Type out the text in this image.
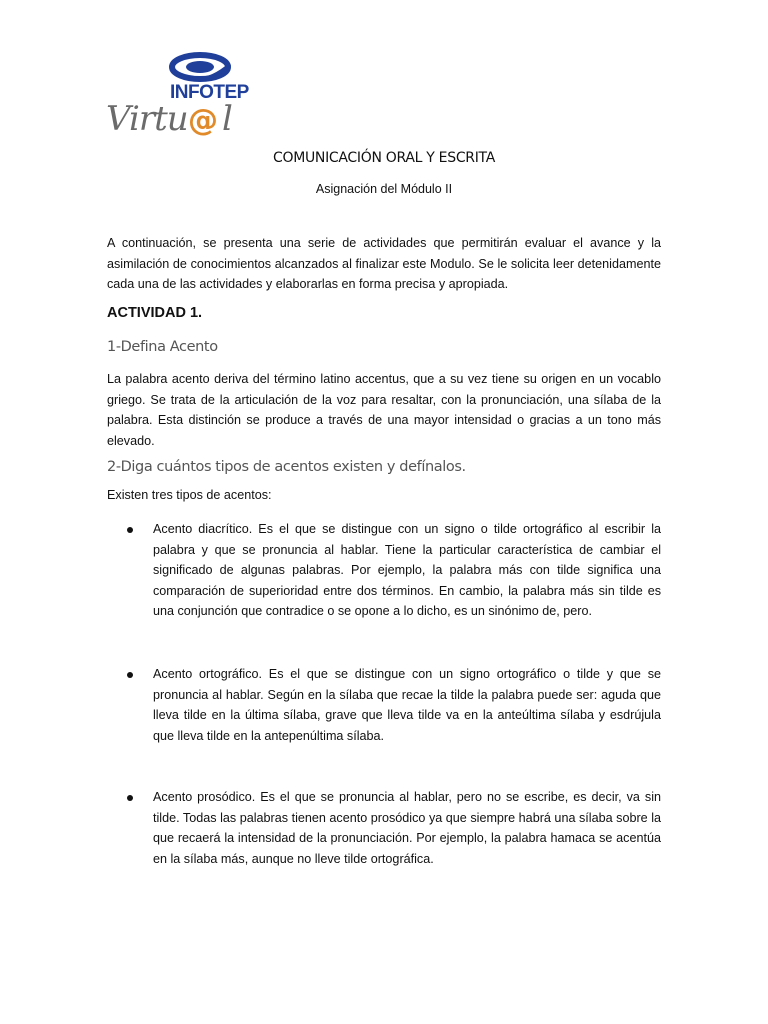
INFOTEP
Virtu @ l
COMUNICACIÓN ORAL Y ESCRITA
Asignación del Módulo II
A continuación, se presenta una serie de actividades que permitirán evaluar el avance y la asimilación de conocimientos alcanzados al finalizar este Modulo. Se le solicita leer detenidamente cada una de las actividades y elaborarlas en forma precisa y apropiada.
ACTIVIDAD 1.
1-Defina Acento
La palabra acento deriva del término latino accentus, que a su vez tiene su origen en un vocablo griego. Se trata de la articulación de la voz para resaltar, con la pronunciación, una sílaba de la palabra. Esta distinción se produce a través de una mayor intensidad o gracias a un tono más elevado.
2-Diga cuántos tipos de acentos existen y defínalos.
Existen tres tipos de acentos:
Acento diacrítico. Es el que se distingue con un signo o tilde ortográfico al escribir la palabra y que se pronuncia al hablar. Tiene la particular característica de cambiar el significado de algunas palabras. Por ejemplo, la palabra más con tilde significa una comparación de superioridad entre dos términos. En cambio, la palabra más sin tilde es una conjunción que contradice o se opone a lo dicho, es un sinónimo de, pero.
Acento ortográfico. Es el que se distingue con un signo ortográfico o tilde y que se pronuncia al hablar. Según en la sílaba que recae la tilde la palabra puede ser: aguda que lleva tilde en la última sílaba, grave que lleva tilde va en la anteúltima sílaba y esdrújula que lleva tilde en la antepenúltima sílaba.
Acento prosódico. Es el que se pronuncia al hablar, pero no se escribe, es decir, va sin tilde. Todas las palabras tienen acento prosódico ya que siempre habrá una sílaba sobre la que recaerá la intensidad de la pronunciación. Por ejemplo, la palabra hamaca se acentúa en la sílaba más, aunque no lleve tilde ortográfica.
